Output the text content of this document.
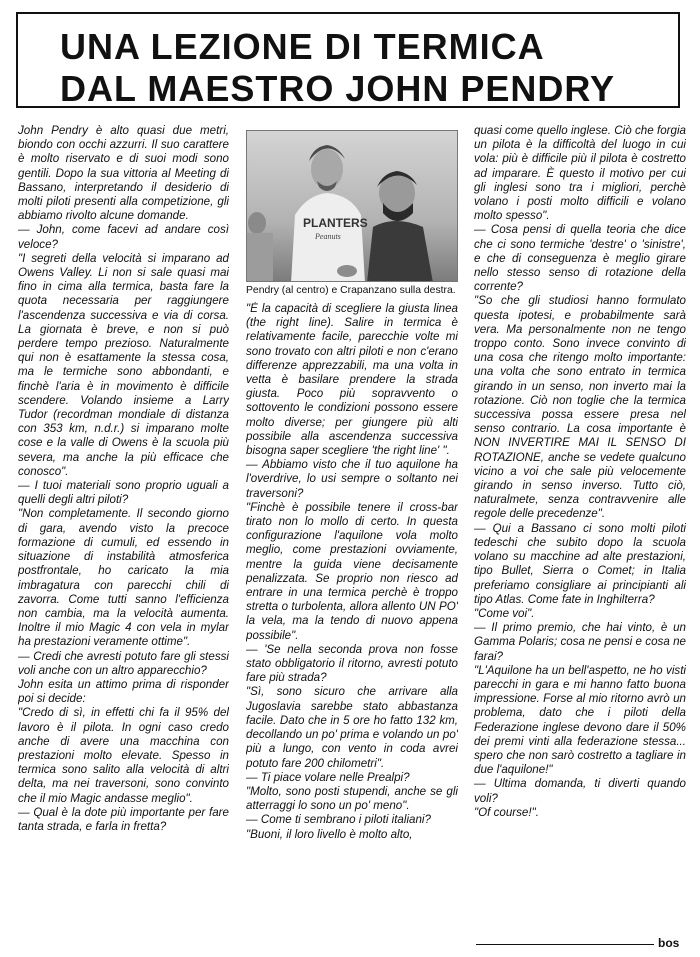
UNA LEZIONE DI TERMICA
DAL MAESTRO JOHN PENDRY

John Pendry è alto quasi due metri, biondo con occhi azzurri. Il suo carattere è molto riservato e di suoi modi sono gentili. Dopo la sua vittoria al Meeting di Bassano, interpretando il desiderio di molti piloti presenti alla competizione, gli abbiamo rivolto alcune domande.

— John, come facevi ad andare così veloce?

"I segreti della velocità si imparano ad Owens Valley. Li non si sale quasi mai fino in cima alla termica, basta fare la quota necessaria per raggiungere l'ascendenza successiva e via di corsa. La giornata è breve, e non si può perdere tempo prezioso. Naturalmente qui non è esattamente la stessa cosa, ma le termiche sono abbondanti, e finchè l'aria è in movimento è difficile scendere. Volando insieme a Larry Tudor (recordman mondiale di distanza con 353 km, n.d.r.) si imparano molte cose e la valle di Owens è la scuola più severa, ma anche la più efficace che conosco".

— I tuoi materiali sono proprio uguali a quelli degli altri piloti?

"Non completamente. Il secondo giorno di gara, avendo visto la precoce formazione di cumuli, ed essendo in situazione di instabilità atmosferica postfrontale, ho caricato la mia imbragatura con parecchi chili di zavorra. Come tutti sanno l'efficienza non cambia, ma la velocità aumenta. Inoltre il mio Magic 4 con vela in mylar ha prestazioni veramente ottime".

— Credi che avresti potuto fare gli stessi voli anche con un altro apparecchio?

John esita un attimo prima di risponder poi si decide:

"Credo di sì, in effetti chi fa il 95% del lavoro è il pilota. In ogni caso credo anche di avere una macchina con prestazioni molto elevate. Spesso in termica sono salito alla velocità di altri delta, ma nei traversoni, sono convinto che il mio Magic andasse meglio".

— Qual è la dote più importante per fare tanta strada, e farla in fretta?

PLANTERS
Peanuts
Pendry (al centro) e Crapanzano sulla destra.

"È la capacità di scegliere la giusta linea (the right line). Salire in termica è relativamente facile, parecchie volte mi sono trovato con altri piloti e non c'erano differenze apprezzabili, ma una volta in vetta è basilare prendere la strada giusta. Poco più sopravvento o sottovento le condizioni possono essere molto diverse; per giungere più alti possibile alla ascendenza successiva bisogna saper scegliere 'the right line' ".

— Abbiamo visto che il tuo aquilone ha l'overdrive, lo usi sempre o soltanto nei traversoni?

"Finchè è possibile tenere il cross-bar tirato non lo mollo di certo. In questa configurazione l'aquilone vola molto meglio, come prestazioni ovviamente, mentre la guida viene decisamente penalizzata. Se proprio non riesco ad entrare in una termica perchè è troppo stretta o turbolenta, allora allento UN PO' la vela, ma la tendo di nuovo appena possibile".

— 'Se nella seconda prova non fosse stato obbligatorio il ritorno, avresti potuto fare più strada?

"Sì, sono sicuro che arrivare alla Jugoslavia sarebbe stato abbastanza facile. Dato che in 5 ore ho fatto 132 km, decollando un po' prima e volando un po' più a lungo, con vento in coda avrei potuto fare 200 chilometri".

— Ti piace volare nelle Prealpi?

"Molto, sono posti stupendi, anche se gli atterraggi lo sono un po' meno".

— Come ti sembrano i piloti italiani?

"Buoni, il loro livello è molto alto,

quasi come quello inglese. Ciò che forgia un pilota è la difficoltà del luogo in cui vola: più è difficile più il pilota è costretto ad imparare. È questo il motivo per cui gli inglesi sono tra i migliori, perchè volano i posti molto difficili e volano molto spesso".

— Cosa pensi di quella teoria che dice che ci sono termiche 'destre' o 'sinistre', e che di conseguenza è meglio girare nello stesso senso di rotazione della corrente?

"So che gli studiosi hanno formulato questa ipotesi, e probabilmente sarà vera. Ma personalmente non ne tengo troppo conto. Sono invece convinto di una cosa che ritengo molto importante: una volta che sono entrato in termica girando in un senso, non inverto mai la rotazione. Ciò non toglie che la termica successiva possa essere presa nel senso contrario. La cosa importante è NON INVERTIRE MAI IL SENSO DI ROTAZIONE, anche se vedete qualcuno vicino a voi che sale più velocemente girando in senso inverso. Tutto ciò, naturalmete, senza contravvenire alle regole delle precedenze".

— Qui a Bassano ci sono molti piloti tedeschi che subito dopo la scuola volano su macchine ad alte prestazioni, tipo Bullet, Sierra o Comet; in Italia preferiamo consigliare ai principianti ali tipo Atlas. Come fate in Inghilterra?

"Come voi".

— Il primo premio, che hai vinto, è un Gamma Polaris; cosa ne pensi e cosa ne farai?

"L'Aquilone ha un bell'aspetto, ne ho visti parecchi in gara e mi hanno fatto buona impressione. Forse al mio ritorno avrò un problema, dato che i piloti della Federazione inglese devono dare il 50% dei premi vinti alla federazione stessa... spero che non sarò costretto a tagliare in due l'aquilone!"

— Ultima domanda, ti diverti quando voli?

"Of course!".

bos
